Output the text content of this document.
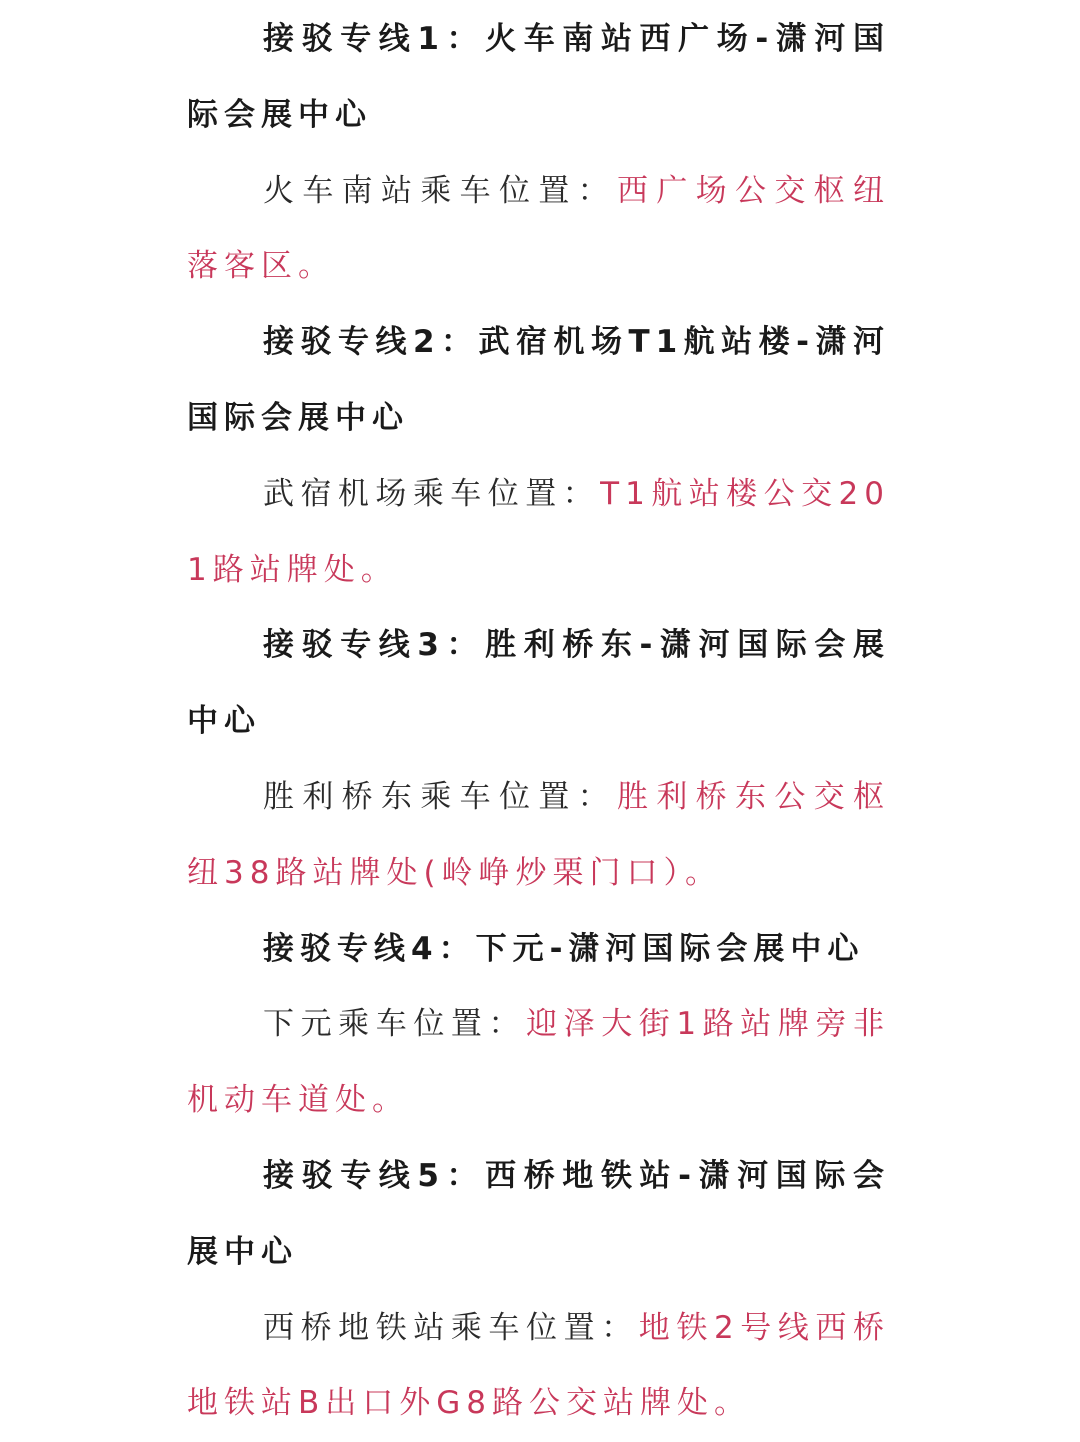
接驳专线1：火车南站西广场-潇河国际会展中心

火车南站乘车位置：西广场公交枢纽落客区。

接驳专线2：武宿机场T1航站楼-潇河国际会展中心

武宿机场乘车位置：T1航站楼公交201路站牌处。

接驳专线3：胜利桥东-潇河国际会展中心

胜利桥东乘车位置：胜利桥东公交枢纽38路站牌处(岭峥炒栗门口）。

接驳专线4：下元-潇河国际会展中心

下元乘车位置：迎泽大街1路站牌旁非机动车道处。

接驳专线5：西桥地铁站-潇河国际会展中心

西桥地铁站乘车位置：地铁2号线西桥地铁站B出口外G8路公交站牌处。
